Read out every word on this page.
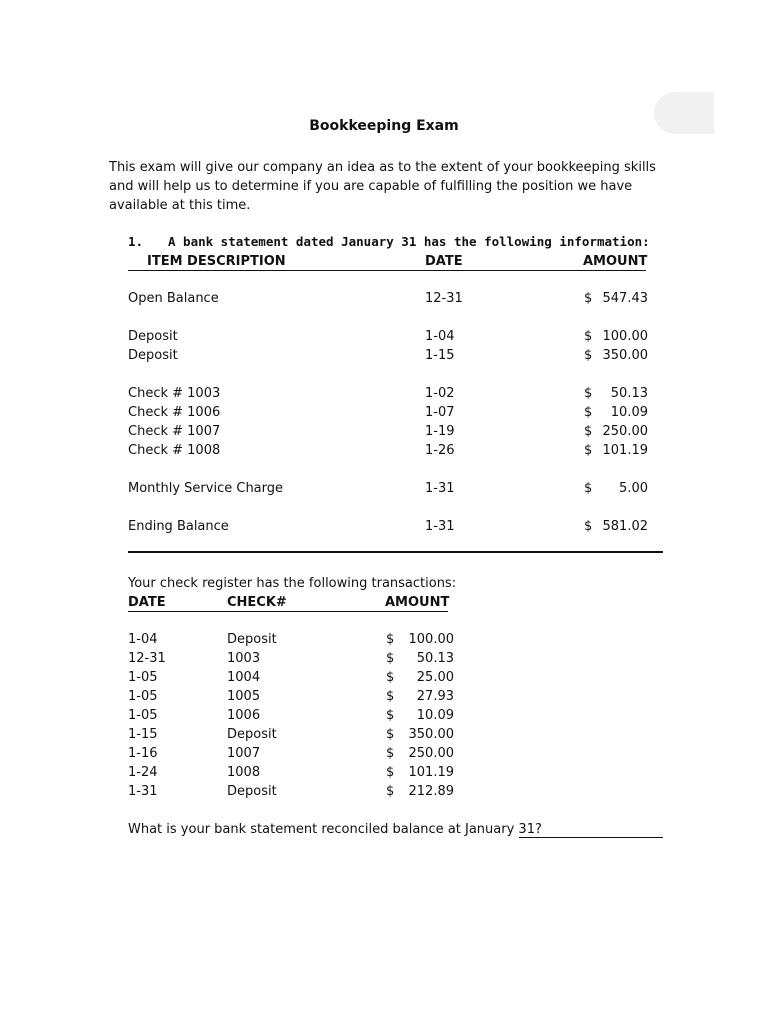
Bookkeeping Exam
This exam will give our company an idea as to the extent of your bookkeeping skills and will help us to determine if you are capable of fulfilling the position we have available at this time.
1. A bank statement dated January 31 has the following information:
ITEM DESCRIPTION	DATE	AMOUNT
Open Balance	12-31	$ 547.43
Deposit	1-04	$ 100.00
Deposit	1-15	$ 350.00
Check # 1003	1-02	$	50.13
Check # 1006	1-07	$	10.09
Check # 1007	1-19	$ 250.00
Check # 1008	1-26	$ 101.19
Monthly Service Charge	1-31	$	5.00
Ending Balance	1-31	$ 581.02
Your check register has the following transactions:
DATE	CHECK#	AMOUNT
1-04	Deposit	$	100.00
12-31	1003	$	50.13
1-05	1004	$	25.00
1-05	1005	$	27.93
1-05	1006	$	10.09
1-15	Deposit	$	350.00
1-16	1007	$	250.00
1-24	1008	$	101.19
1-31	Deposit	$	212.89
What is your bank statement reconciled balance at January 31?
